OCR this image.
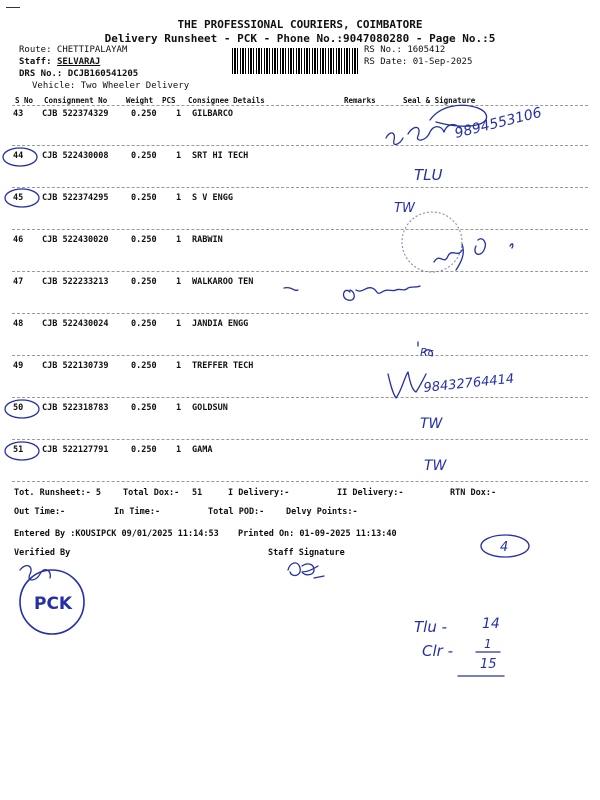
THE PROFESSIONAL COURIERS, COIMBATORE
Delivery Runsheet - PCK - Phone No.:9047080280 - Page No.:5
Route: CHETTIPALAYAM
Staff: SELVARAJ
DRS No.: DCJB160541205
Vehicle: Two Wheeler Delivery
RS No.: 1605412
RS Date: 01-Sep-2025
S No Consignment No	Weight PCS Consignee Details	Remarks	Seal & Signature
43 CJB 522374329	0.250 1 GILBARCO
44 CJB 522430008	0.250 1 SRT HI TECH
45 CJB 522374295	0.250 1 S V ENGG
46 CJB 522430020	0.250 1 RABWIN
47 CJB 522233213	0.250 1 WALKAROO TEN
48 CJB 522430024	0.250 1 JANDIA ENGG
49 CJB 522130739	0.250 1 TREFFER TECH
50 CJB 522318783	0.250 1 GOLDSUN
51 CJB 522127791	0.250 1 GAMA
Tot. Runsheet:- 5	Total Dox:- 51	I Delivery:-	II Delivery:-	RTN Dox:-
Out Time:-	In Time:-	Total POD:-	Delvy Points:-
Entered By :KOUSIPCK 09/01/2025 11:14:53 Printed On: 01-09-2025 11:13:40
Verified By	Staff Signature
9894553106
98432764414
TLU
TW
TW
TW
Rc
4
PCK
Tlu - 14
Clr -	1
15
